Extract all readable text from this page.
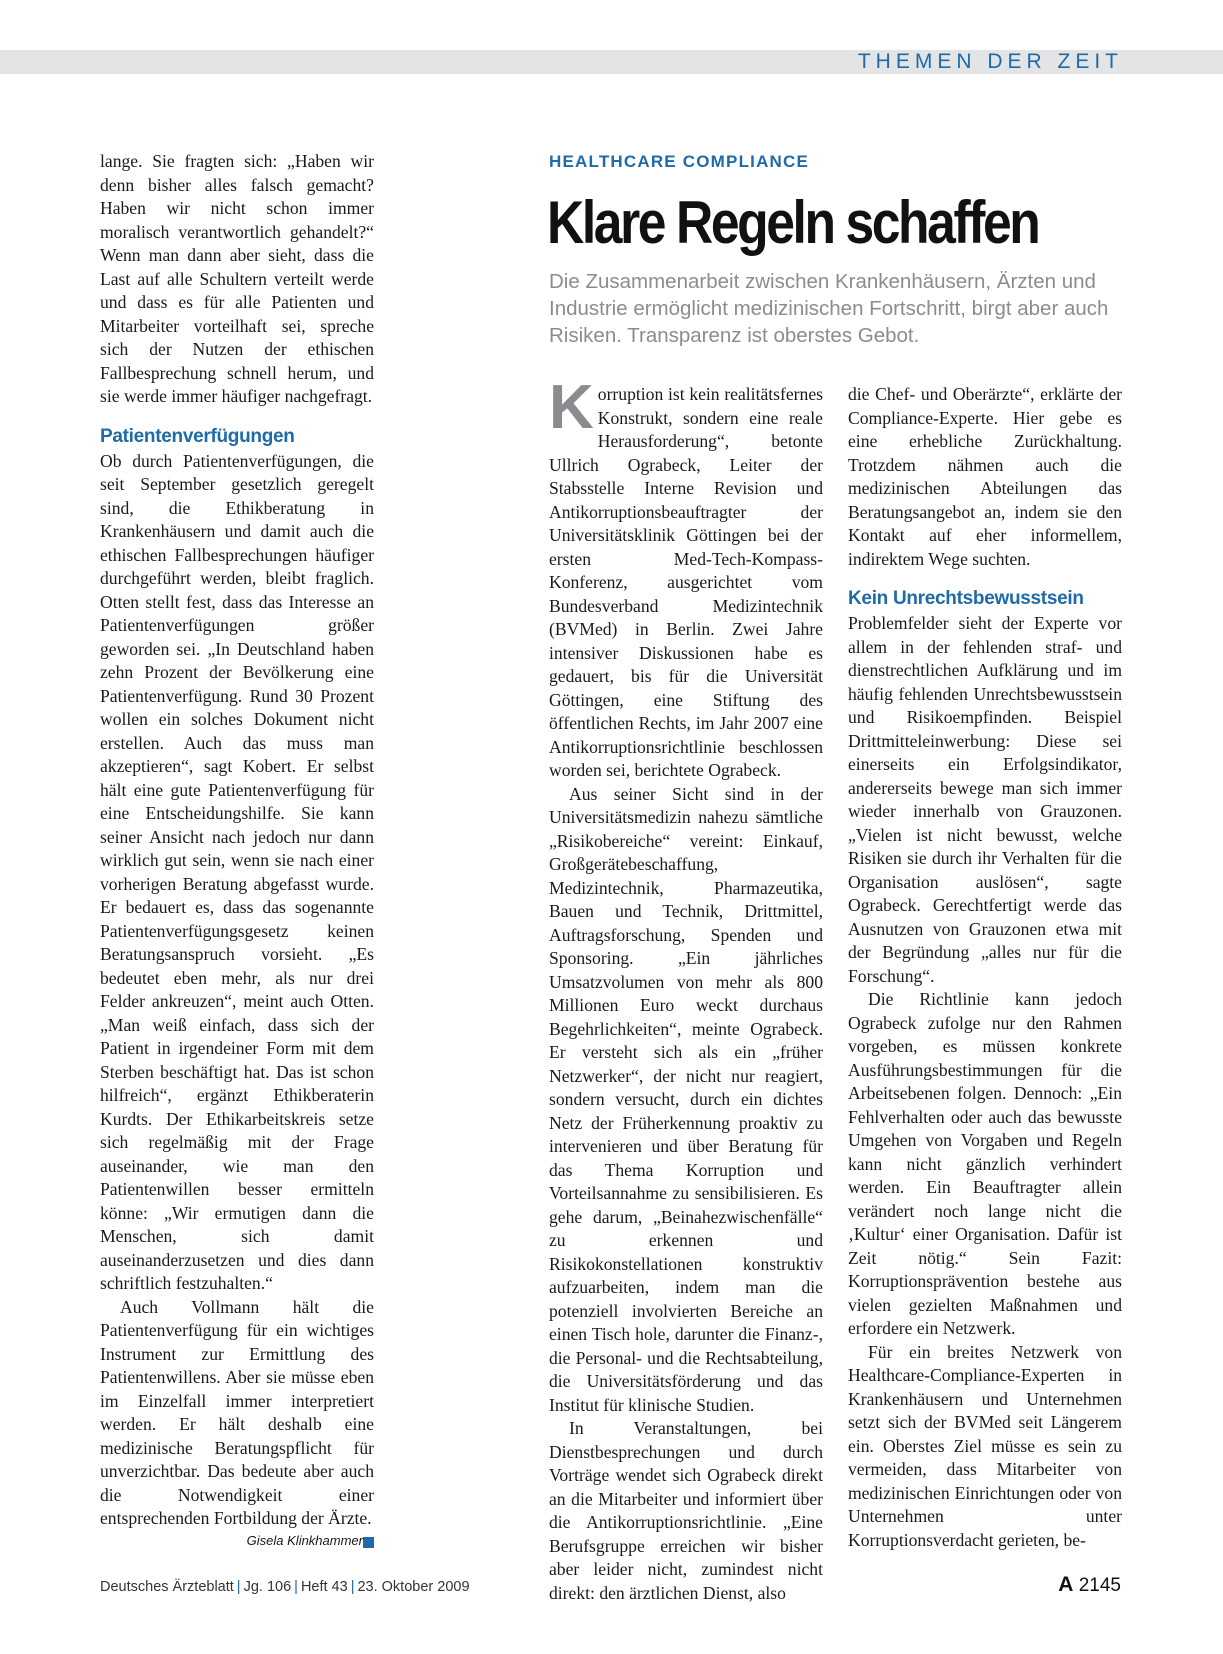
THEMEN DER ZEIT

lange. Sie fragten sich: „Haben wir denn bisher alles falsch gemacht? Haben wir nicht schon immer moralisch verantwortlich gehandelt?“ Wenn man dann aber sieht, dass die Last auf alle Schultern verteilt werde und dass es für alle Patienten und Mitarbeiter vorteilhaft sei, spreche sich der Nutzen der ethischen Fallbesprechung schnell herum, und sie werde immer häufiger nachgefragt.

Patientenverfügungen

Ob durch Patientenverfügungen, die seit September gesetzlich geregelt sind, die Ethikberatung in Krankenhäusern und damit auch die ethischen Fallbesprechungen häufiger durchgeführt werden, bleibt fraglich. Otten stellt fest, dass das Interesse an Patientenverfügungen größer geworden sei. „In Deutschland haben zehn Prozent der Bevölkerung eine Patientenverfügung. Rund 30 Prozent wollen ein solches Dokument nicht erstellen. Auch das muss man akzeptieren“, sagt Kobert. Er selbst hält eine gute Patientenverfügung für eine Entscheidungshilfe. Sie kann seiner Ansicht nach jedoch nur dann wirklich gut sein, wenn sie nach einer vorherigen Beratung abgefasst wurde. Er bedauert es, dass das sogenannte Patientenverfügungsgesetz keinen Beratungsanspruch vorsieht. „Es bedeutet eben mehr, als nur drei Felder ankreuzen“, meint auch Otten. „Man weiß einfach, dass sich der Patient in irgendeiner Form mit dem Sterben beschäftigt hat. Das ist schon hilfreich“, ergänzt Ethikberaterin Kurdts. Der Ethikarbeitskreis setze sich regelmäßig mit der Frage auseinander, wie man den Patientenwillen besser ermitteln könne: „Wir ermutigen dann die Menschen, sich damit auseinanderzusetzen und dies dann schriftlich festzuhalten.“

Auch Vollmann hält die Patientenverfügung für ein wichtiges Instrument zur Ermittlung des Patientenwillens. Aber sie müsse eben im Einzelfall immer interpretiert werden. Er hält deshalb eine medizinische Beratungspflicht für unverzichtbar. Das bedeute aber auch die Notwendigkeit einer entsprechenden Fortbildung der Ärzte.

Gisela Klinkhammer
HEALTHCARE COMPLIANCE
Klare Regeln schaffen
Die Zusammenarbeit zwischen Krankenhäusern, Ärzten und Industrie ermöglicht medizinischen Fortschritt, birgt aber auch Risiken. Transparenz ist oberstes Gebot.

Korruption ist kein realitätsfernes Konstrukt, sondern eine reale Herausforderung“, betonte Ullrich Ograbeck, Leiter der Stabsstelle Interne Revision und Antikorruptionsbeauftragter der Universitätsklinik Göttingen bei der ersten Med-Tech-Kompass-Konferenz, ausgerichtet vom Bundesverband Medizintechnik (BVMed) in Berlin. Zwei Jahre intensiver Diskussionen habe es gedauert, bis für die Universität Göttingen, eine Stiftung des öffentlichen Rechts, im Jahr 2007 eine Antikorruptionsrichtlinie beschlossen worden sei, berichtete Ograbeck.

Aus seiner Sicht sind in der Universitätsmedizin nahezu sämtliche „Risikobereiche“ vereint: Einkauf, Großgerätebeschaffung, Medizintechnik, Pharmazeutika, Bauen und Technik, Drittmittel, Auftragsforschung, Spenden und Sponsoring. „Ein jährliches Umsatzvolumen von mehr als 800 Millionen Euro weckt durchaus Begehrlichkeiten“, meinte Ograbeck. Er versteht sich als ein „früher Netzwerker“, der nicht nur reagiert, sondern versucht, durch ein dichtes Netz der Früherkennung proaktiv zu intervenieren und über Beratung für das Thema Korruption und Vorteilsannahme zu sensibilisieren. Es gehe darum, „Beinahezwischenfälle“ zu erkennen und Risikokonstellationen konstruktiv aufzuarbeiten, indem man die potenziell involvierten Bereiche an einen Tisch hole, darunter die Finanz-, die Personal- und die Rechtsabteilung, die Universitätsförderung und das Institut für klinische Studien.

In Veranstaltungen, bei Dienstbesprechungen und durch Vorträge wendet sich Ograbeck direkt an die Mitarbeiter und informiert über die Antikorruptionsrichtlinie. „Eine Berufsgruppe erreichen wir bisher aber leider nicht, zumindest nicht direkt: den ärztlichen Dienst, also

die Chef- und Oberärzte“, erklärte der Compliance-Experte. Hier gebe es eine erhebliche Zurückhaltung. Trotzdem nähmen auch die medizinischen Abteilungen das Beratungsangebot an, indem sie den Kontakt auf eher informellem, indirektem Wege suchten.

Kein Unrechtsbewusstsein

Problemfelder sieht der Experte vor allem in der fehlenden straf- und dienstrechtlichen Aufklärung und im häufig fehlenden Unrechtsbewusstsein und Risikoempfinden. Beispiel Drittmitteleinwerbung: Diese sei einerseits ein Erfolgsindikator, andererseits bewege man sich immer wieder innerhalb von Grauzonen. „Vielen ist nicht bewusst, welche Risiken sie durch ihr Verhalten für die Organisation auslösen“, sagte Ograbeck. Gerechtfertigt werde das Ausnutzen von Grauzonen etwa mit der Begründung „alles nur für die Forschung“.

Die Richtlinie kann jedoch Ograbeck zufolge nur den Rahmen vorgeben, es müssen konkrete Ausführungsbestimmungen für die Arbeitsebenen folgen. Dennoch: „Ein Fehlverhalten oder auch das bewusste Umgehen von Vorgaben und Regeln kann nicht gänzlich verhindert werden. Ein Beauftragter allein verändert noch lange nicht die ‚Kultur‘ einer Organisation. Dafür ist Zeit nötig.“ Sein Fazit: Korruptionsprävention bestehe aus vielen gezielten Maßnahmen und erfordere ein Netzwerk.

Für ein breites Netzwerk von Healthcare-Compliance-Experten in Krankenhäusern und Unternehmen setzt sich der BVMed seit Längerem ein. Oberstes Ziel müsse es sein zu vermeiden, dass Mitarbeiter von medizinischen Einrichtungen oder von Unternehmen unter Korruptionsverdacht gerieten, be-

Deutsches Ärzteblatt | Jg. 106 | Heft 43 | 23. Oktober 2009	A 2145
